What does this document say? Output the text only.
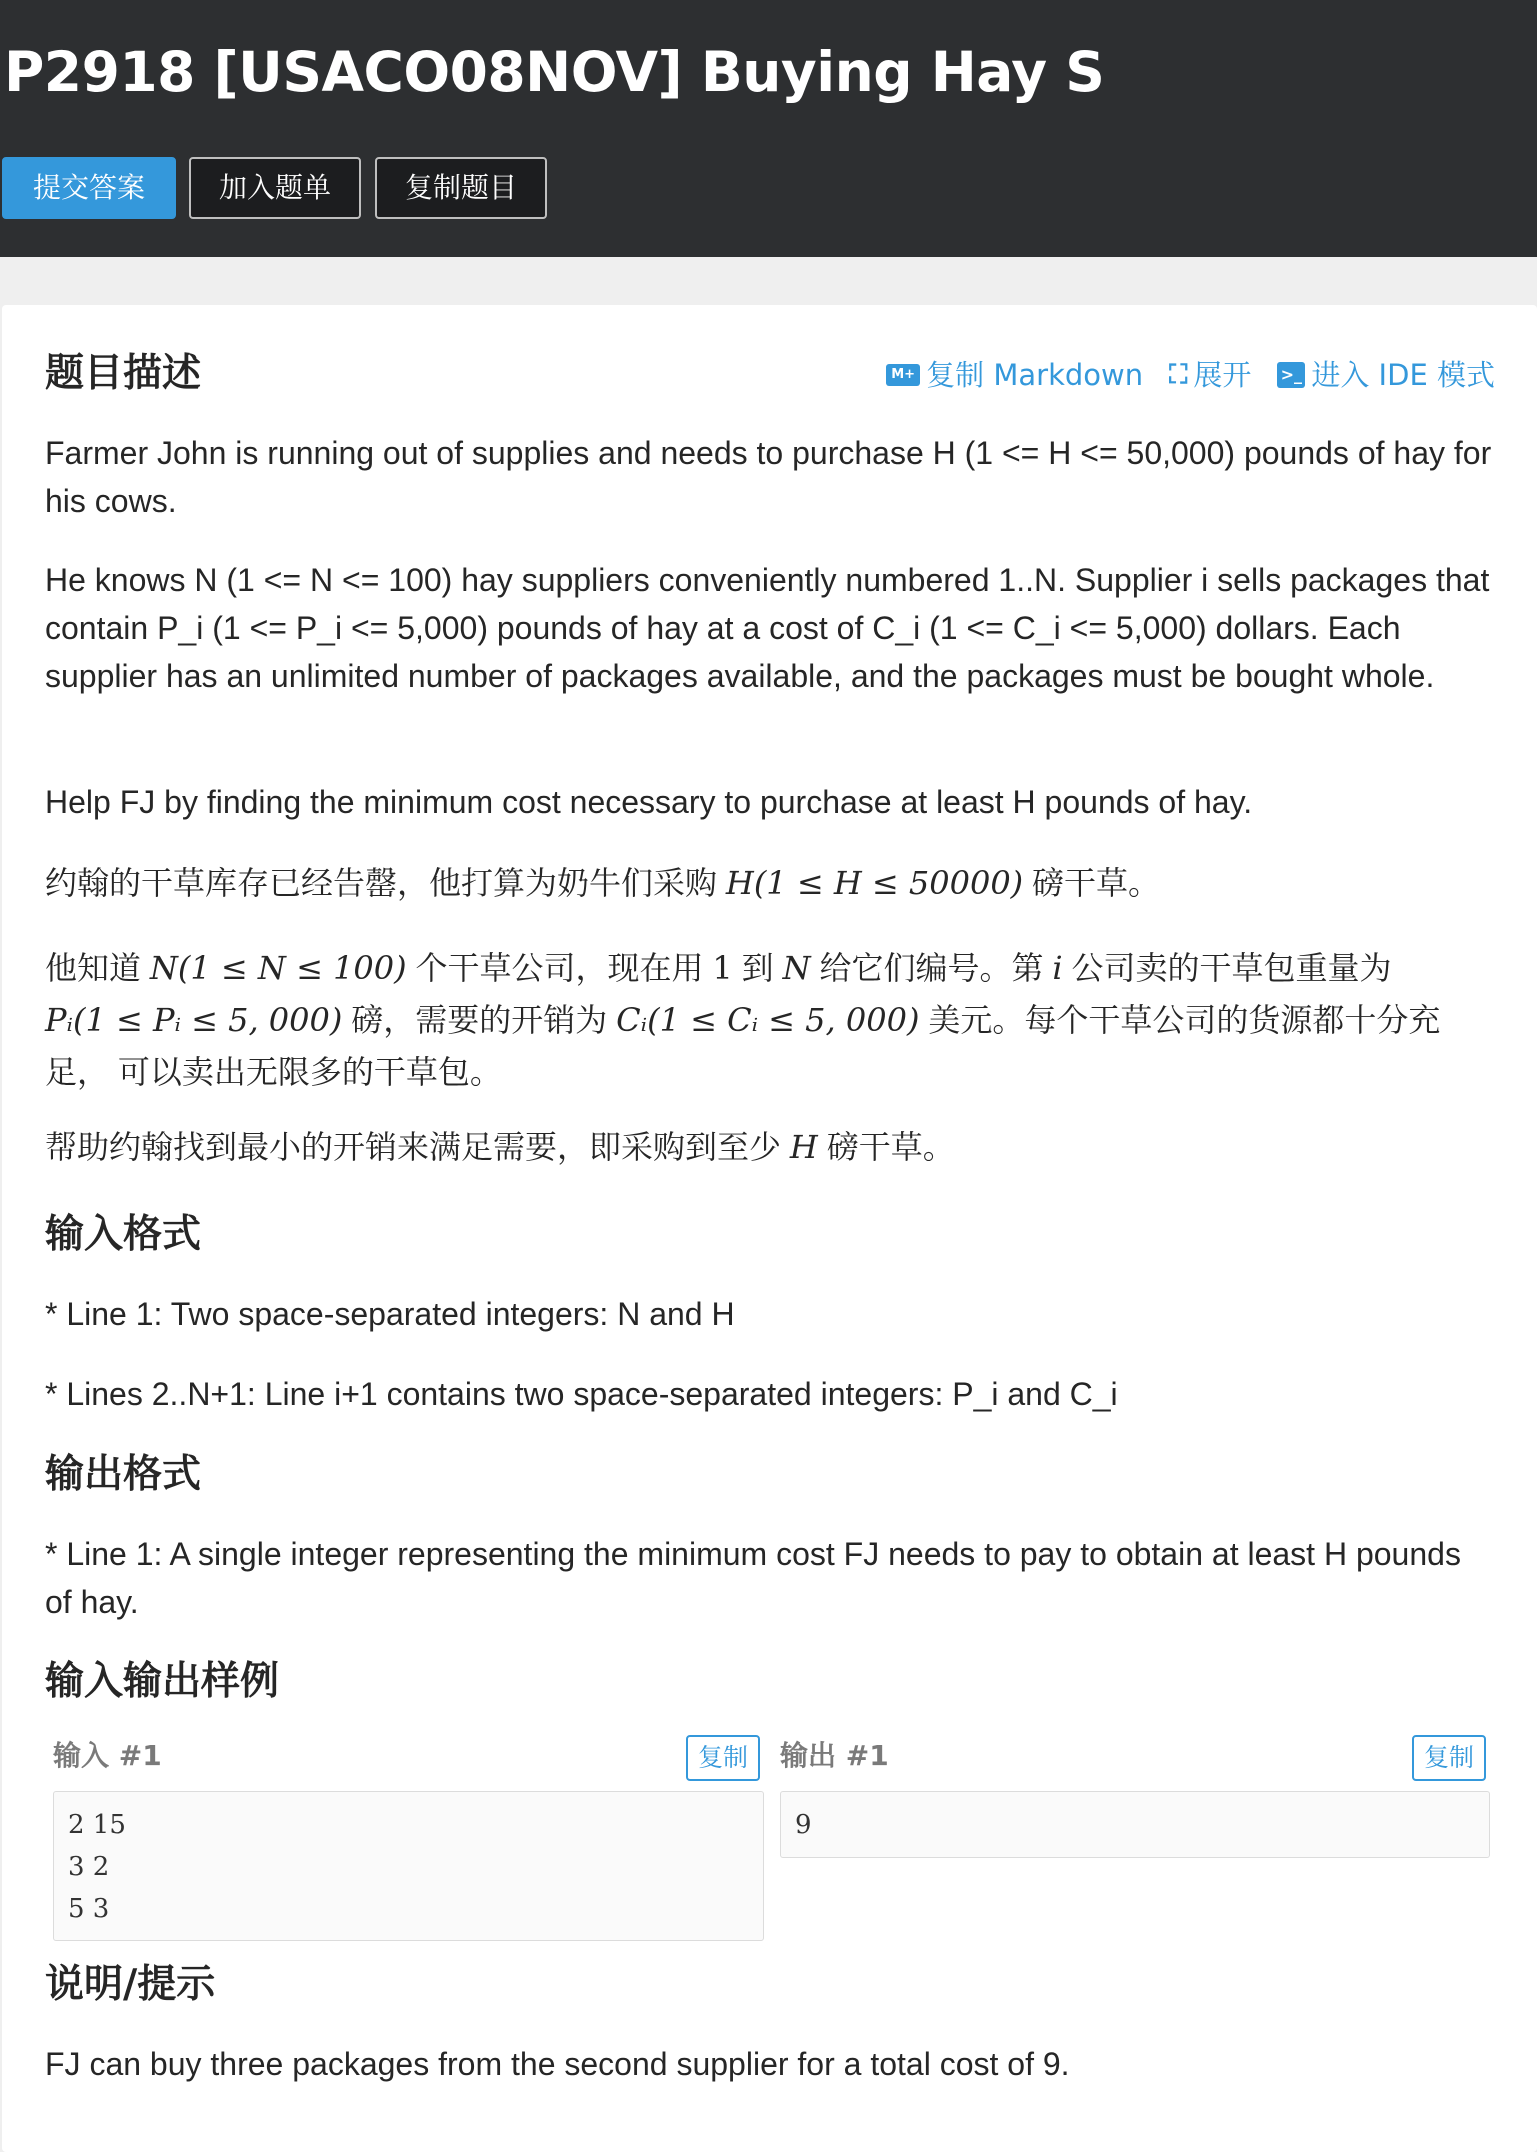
P2918 [USACO08NOV] Buying Hay S
提交答案	加入题单	复制题目
题目描述	M+ 复制 Markdown ⛶ 展开 >_ 进入 IDE 模式

Farmer John is running out of supplies and needs to purchase H (1 <= H <= 50,000) pounds of hay for his cows.

He knows N (1 <= N <= 100) hay suppliers conveniently numbered 1..N. Supplier i sells packages that contain P_i (1 <= P_i <= 5,000) pounds of hay at a cost of C_i (1 <= C_i <= 5,000) dollars. Each supplier has an unlimited number of packages available, and the packages must be bought whole.

Help FJ by finding the minimum cost necessary to purchase at least H pounds of hay.

约翰的干草库存已经告罄，他打算为奶牛们采购 H(1 ≤ H ≤ 50000) 磅干草。

他知道 N(1 ≤ N ≤ 100) 个干草公司，现在用 1 到 N 给它们编号。第 i 公司卖的干草包重量为
Pᵢ(1 ≤ Pᵢ ≤ 5, 000) 磅，需要的开销为 Cᵢ(1 ≤ Cᵢ ≤ 5, 000) 美元。每个干草公司的货源都十分充
足， 可以卖出无限多的干草包。

帮助约翰找到最小的开销来满足需要，即采购到至少 H 磅干草。

输入格式

* Line 1: Two space-separated integers: N and H

* Lines 2..N+1: Line i+1 contains two space-separated integers: P_i and C_i

输出格式

* Line 1: A single integer representing the minimum cost FJ needs to pay to obtain at least H pounds of hay.

输入输出样例
输入 #1	复制
2 15
3 2
5 3
输出 #1	复制
9
说明/提示

FJ can buy three packages from the second supplier for a total cost of 9.
